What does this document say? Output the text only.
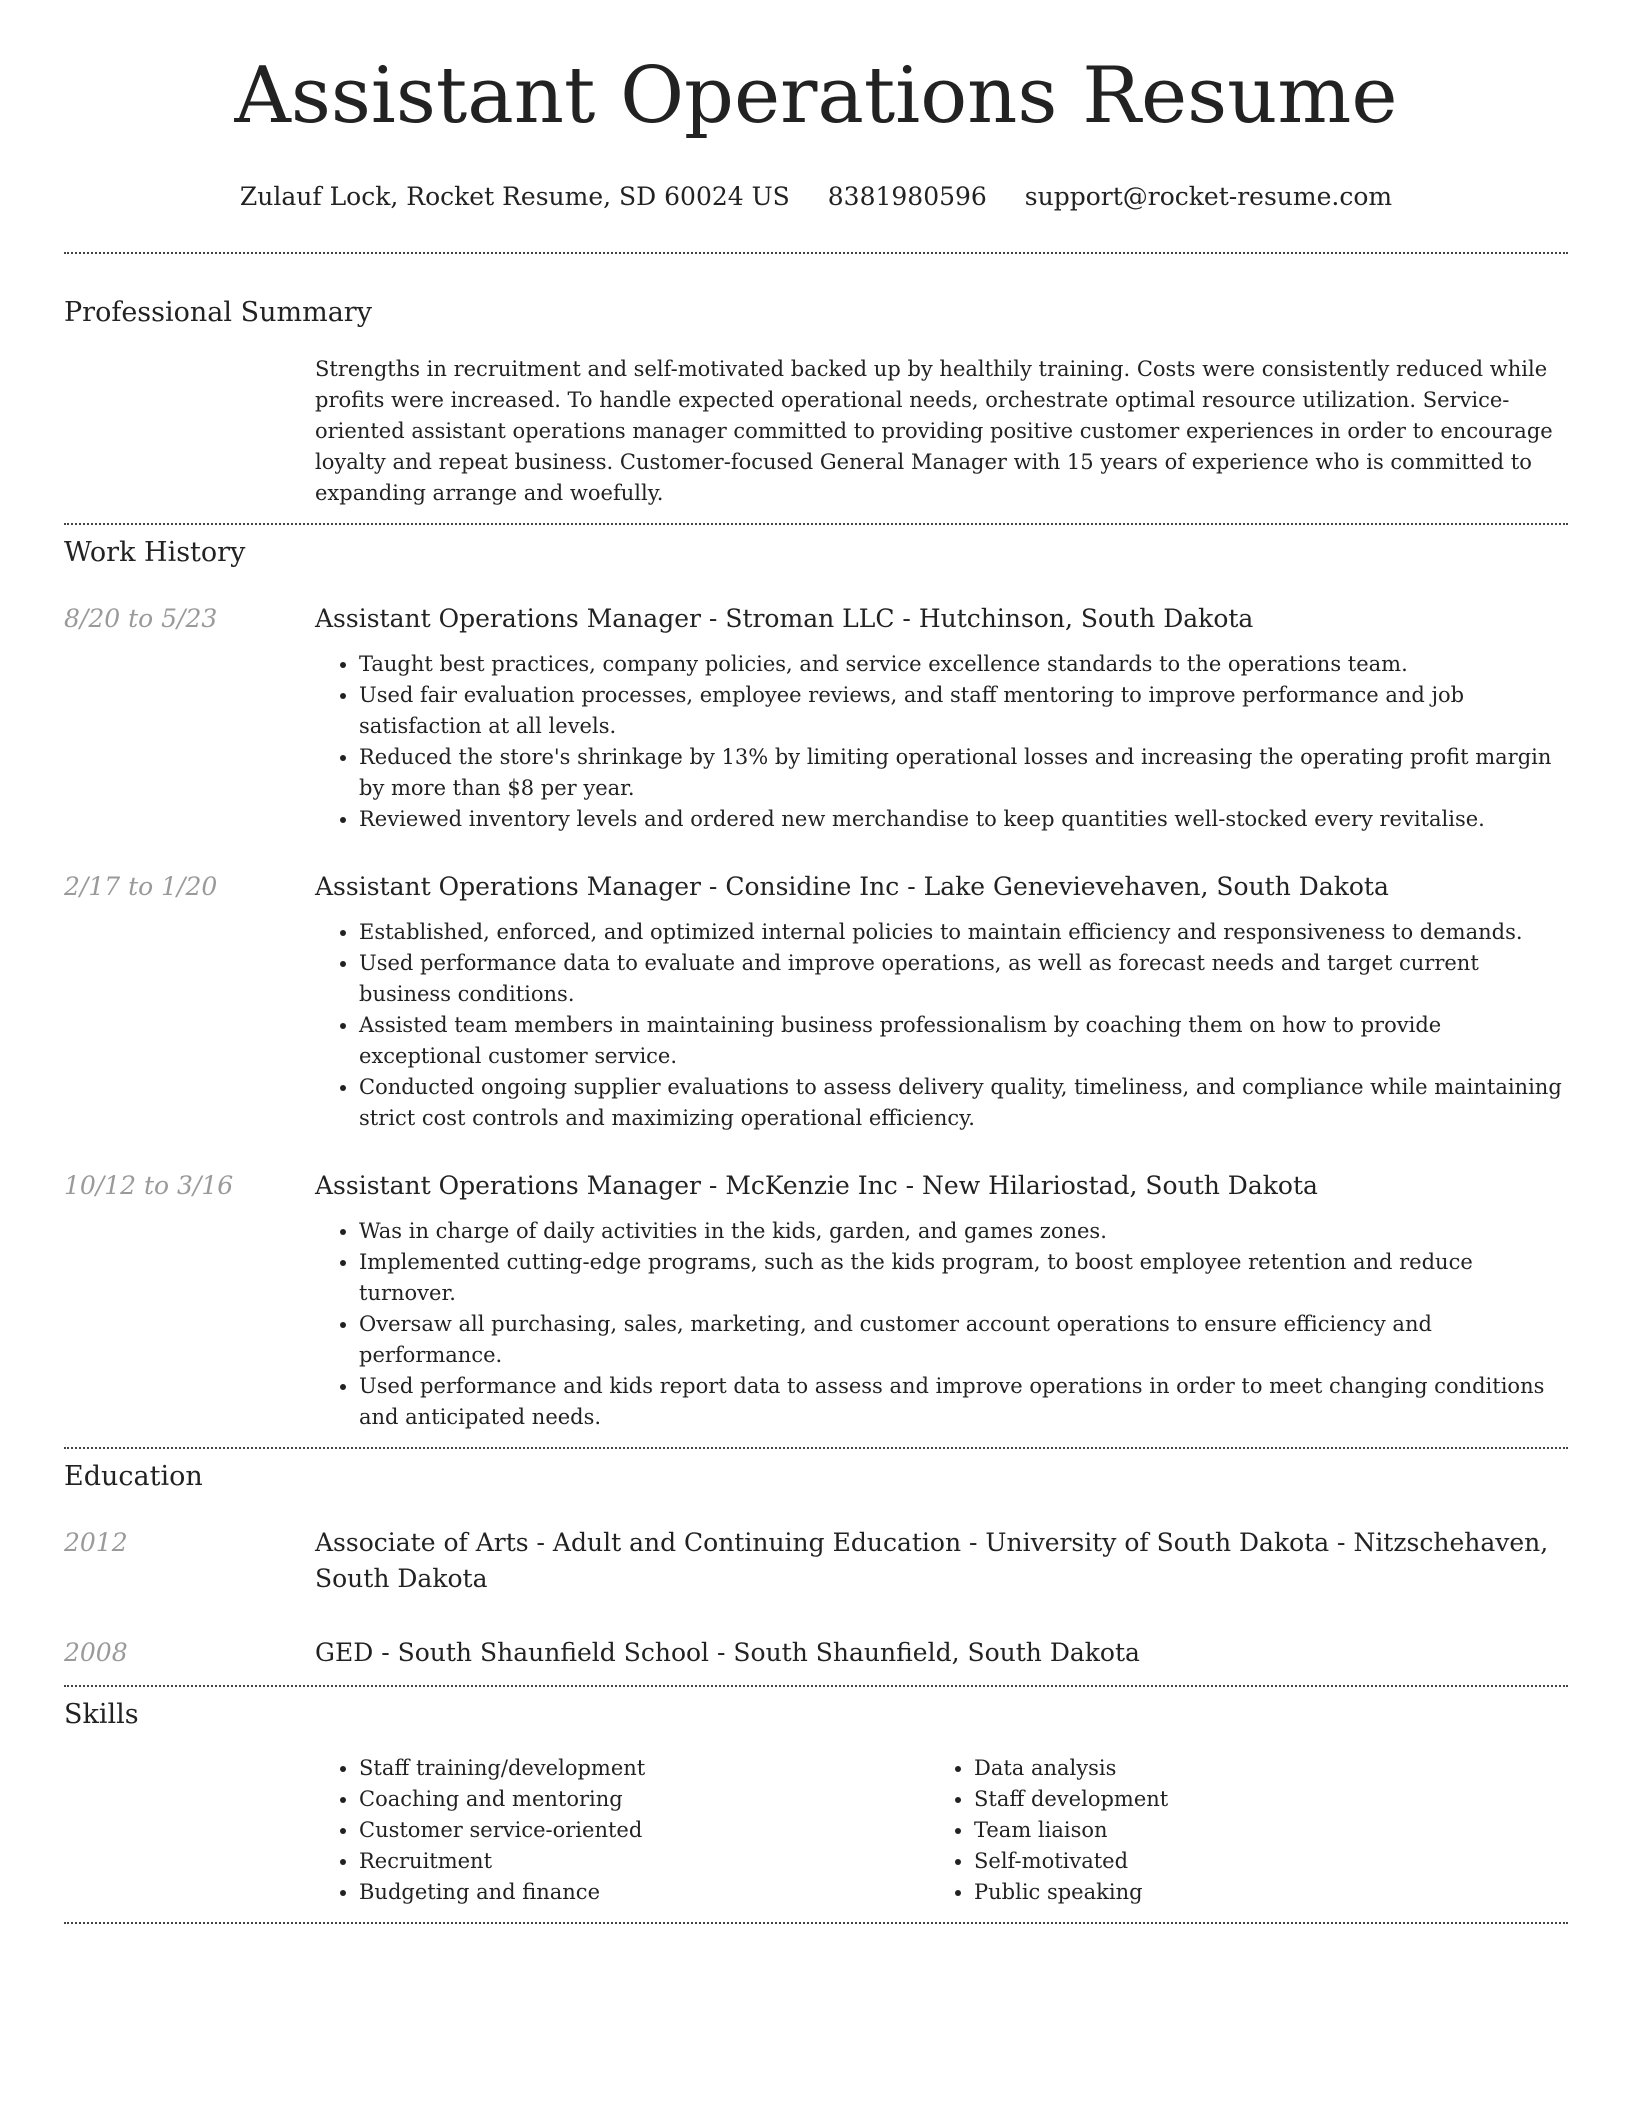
Assistant Operations Resume
Zulauf Lock, Rocket Resume, SD 60024 US 8381980596 support@rocket-resume.com
Professional Summary
Strengths in recruitment and self-motivated backed up by healthily training. Costs were consistently reduced while profits were increased. To handle expected operational needs, orchestrate optimal resource utilization. Service-oriented assistant operations manager committed to providing positive customer experiences in order to encourage loyalty and repeat business. Customer-focused General Manager with 15 years of experience who is committed to expanding arrange and woefully.
Work History
8/20 to 5/23	Assistant Operations Manager - Stroman LLC - Hutchinson, South Dakota
• Taught best practices, company policies, and service excellence standards to the operations team.
• Used fair evaluation processes, employee reviews, and staff mentoring to improve performance and job satisfaction at all levels.
• Reduced the store's shrinkage by 13% by limiting operational losses and increasing the operating profit margin by more than $8 per year.
• Reviewed inventory levels and ordered new merchandise to keep quantities well-stocked every revitalise.
2/17 to 1/20	Assistant Operations Manager - Considine Inc - Lake Genevievehaven, South Dakota
• Established, enforced, and optimized internal policies to maintain efficiency and responsiveness to demands.
• Used performance data to evaluate and improve operations, as well as forecast needs and target current business conditions.
• Assisted team members in maintaining business professionalism by coaching them on how to provide exceptional customer service.
• Conducted ongoing supplier evaluations to assess delivery quality, timeliness, and compliance while maintaining strict cost controls and maximizing operational efficiency.
10/12 to 3/16	Assistant Operations Manager - McKenzie Inc - New Hilariostad, South Dakota
• Was in charge of daily activities in the kids, garden, and games zones.
• Implemented cutting-edge programs, such as the kids program, to boost employee retention and reduce turnover.
• Oversaw all purchasing, sales, marketing, and customer account operations to ensure efficiency and performance.
• Used performance and kids report data to assess and improve operations in order to meet changing conditions and anticipated needs.
Education
2012	Associate of Arts - Adult and Continuing Education - University of South Dakota - Nitzschehaven, South Dakota
2008	GED - South Shaunfield School - South Shaunfield, South Dakota
Skills
• Staff training/development
• Coaching and mentoring
• Customer service-oriented
• Recruitment
• Budgeting and finance
• Data analysis
• Staff development
• Team liaison
• Self-motivated
• Public speaking
